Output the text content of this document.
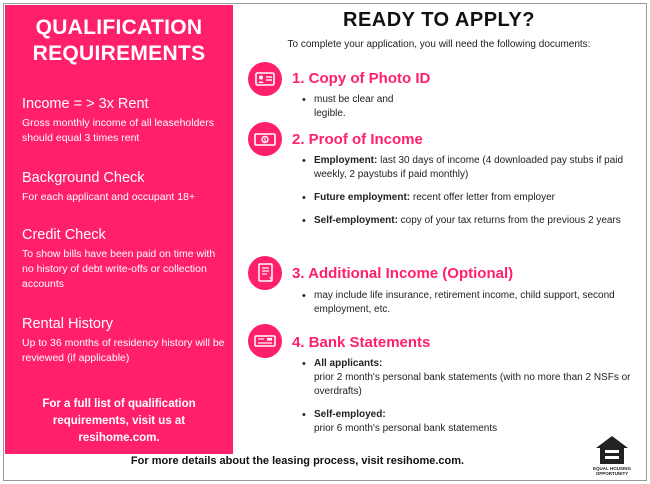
QUALIFICATION
REQUIREMENTS
Income = > 3x Rent
Gross monthly income of all leaseholders should equal 3 times rent
Background Check
For each applicant and occupant 18+
Credit Check
To show bills have been paid on time with no history of debt write-offs or collection accounts
Rental History
Up to 36 months of residency history will be reviewed (if applicable)
For a full list of qualification requirements, visit us at resihome.com.
READY TO APPLY?
To complete your application, you will need the following documents:
1. Copy of Photo ID
• must be clear and legible.
$ 2. Proof of Income
• Employment: last 30 days of income (4 downloaded pay stubs if paid weekly, 2 paystubs if paid monthly)
• Future employment: recent offer letter from employer
• Self-employment: copy of your tax returns from the previous 2 years
$ 3. Additional Income (Optional)
• may include life insurance, retirement income, child support, second employment, etc.
4. Bank Statements
• All applicants:
prior 2 month's personal bank statements (with no more than 2 NSFs or overdrafts)
• Self-employed:
prior 6 month's personal bank statements
For more details about the leasing process, visit resihome.com.
EQUAL HOUSING
OPPORTUNITY
